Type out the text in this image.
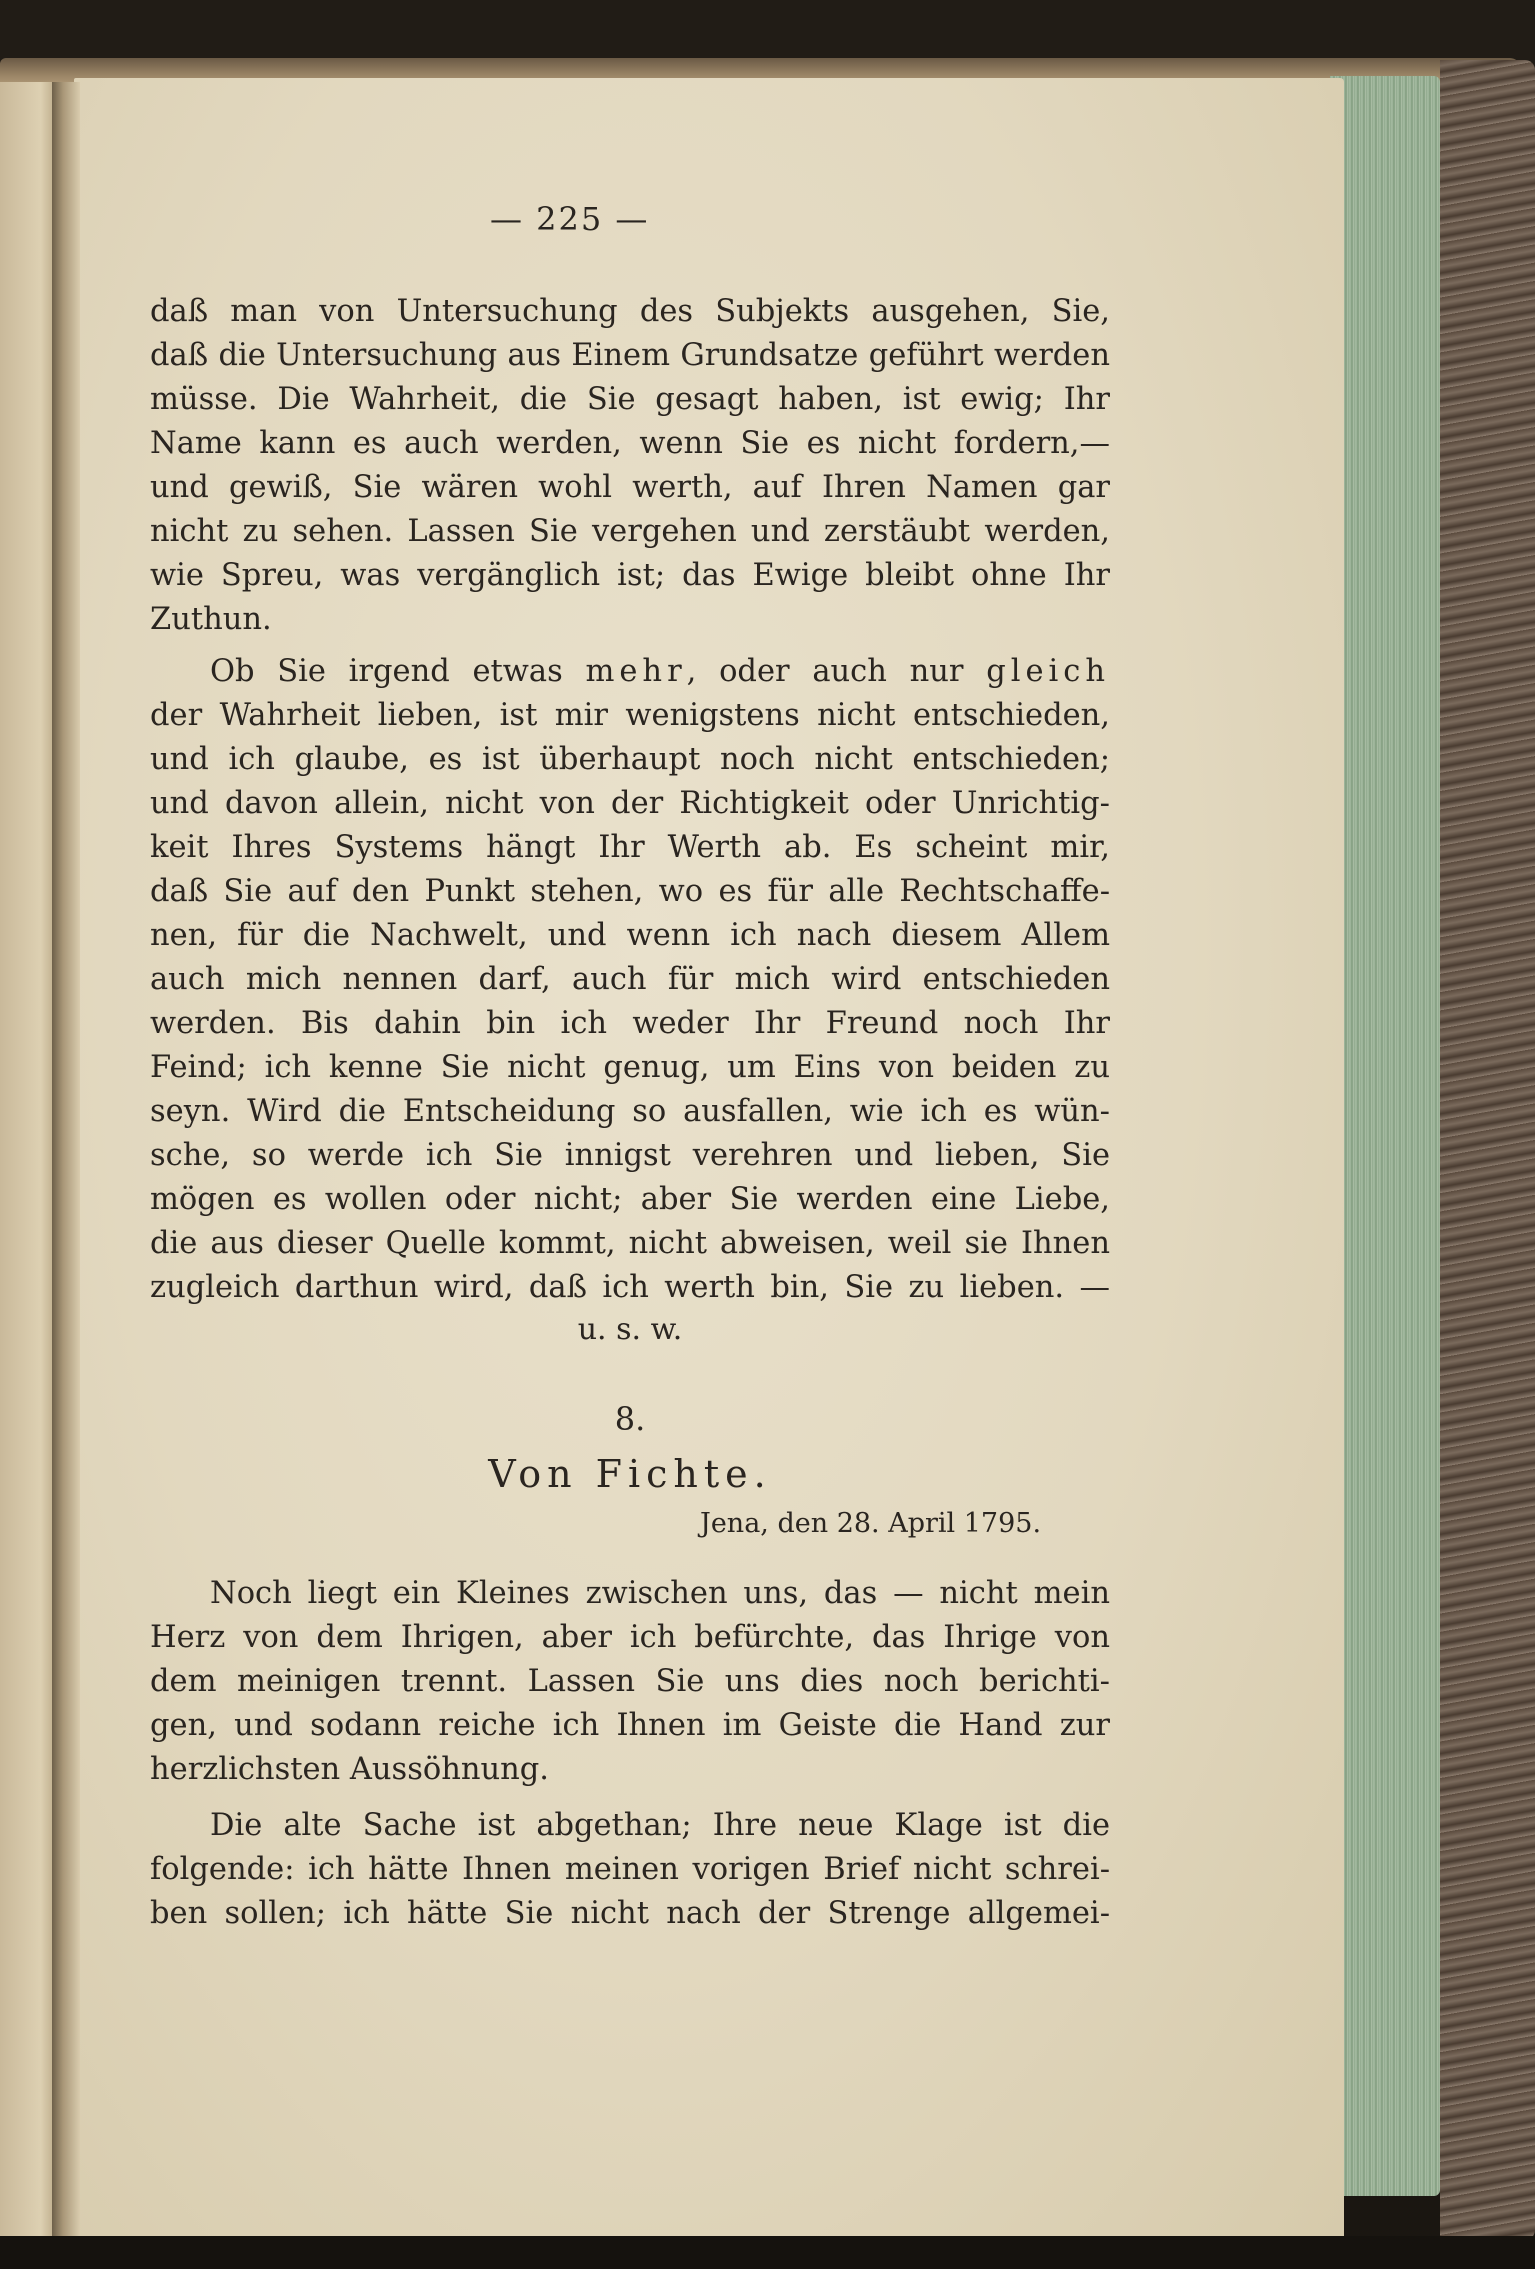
— 225 —
daß man von Untersuchung des Subjekts ausgehen, Sie,
daß die Untersuchung aus Einem Grundsatze geführt werden
müsse. Die Wahrheit, die Sie gesagt haben, ist ewig; Ihr
Name kann es auch werden, wenn Sie es nicht fordern,—
und gewiß, Sie wären wohl werth, auf Ihren Namen gar
nicht zu sehen. Lassen Sie vergehen und zerstäubt werden,
wie Spreu, was vergänglich ist; das Ewige bleibt ohne Ihr
Zuthun.
Ob Sie irgend etwas mehr, oder auch nur gleich
der Wahrheit lieben, ist mir wenigstens nicht entschieden,
und ich glaube, es ist überhaupt noch nicht entschieden;
und davon allein, nicht von der Richtigkeit oder Unrichtig-
keit Ihres Systems hängt Ihr Werth ab. Es scheint mir,
daß Sie auf den Punkt stehen, wo es für alle Rechtschaffe-
nen, für die Nachwelt, und wenn ich nach diesem Allem
auch mich nennen darf, auch für mich wird entschieden
werden. Bis dahin bin ich weder Ihr Freund noch Ihr
Feind; ich kenne Sie nicht genug, um Eins von beiden zu
seyn. Wird die Entscheidung so ausfallen, wie ich es wün-
sche, so werde ich Sie innigst verehren und lieben, Sie
mögen es wollen oder nicht; aber Sie werden eine Liebe,
die aus dieser Quelle kommt, nicht abweisen, weil sie Ihnen
zugleich darthun wird, daß ich werth bin, Sie zu lieben. —
u. s. w.
8.
Von Fichte.
Jena, den 28. April 1795.
Noch liegt ein Kleines zwischen uns, das — nicht mein
Herz von dem Ihrigen, aber ich befürchte, das Ihrige von
dem meinigen trennt. Lassen Sie uns dies noch berichti-
gen, und sodann reiche ich Ihnen im Geiste die Hand zur
herzlichsten Aussöhnung.
Die alte Sache ist abgethan; Ihre neue Klage ist die
folgende: ich hätte Ihnen meinen vorigen Brief nicht schrei-
ben sollen; ich hätte Sie nicht nach der Strenge allgemei-
